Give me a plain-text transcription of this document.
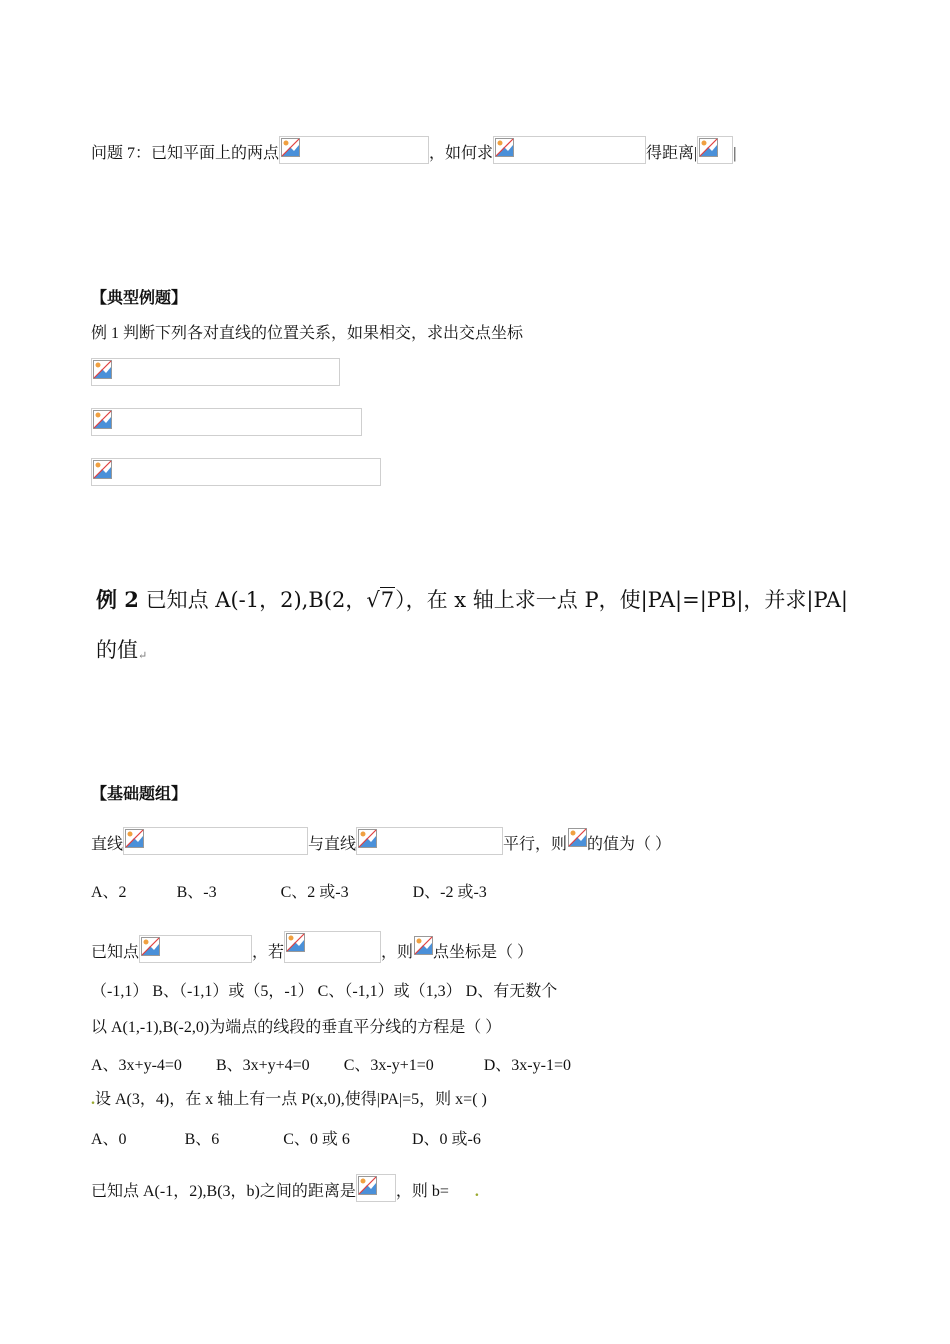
问题 7：已知平面上的两点	，如何求	得距离| |
【典型例题】
例 1 判断下列各对直线的位置关系，如果相交，求出交点坐标
例 2 已知点 A(-1，2),B(2，√7），在 x 轴上求一点 P，使|PA|=|PB|，并求|PA|
的值↵
【基础题组】
直线	与直线	平行，则 的值为（ ）
A、2	B、-3	C、2 或-3	D、-2 或-3
已知点	，若	，则 点坐标是（ ）
（-1,1） B、（-1,1）或（5，-1） C、（-1,1）或（1,3） D、有无数个
以 A(1,-1),B(-2,0)为端点的线段的垂直平分线的方程是（ ）
A、3x+y-4=0 B、3x+y+4=0 C、3x-y+1=0	D、3x-y-1=0
.设 A(3，4)，在 x 轴上有一点 P(x,0),使得|PA|=5，则 x=( )
A、0	B、6	C、0 或 6	D、0 或-6
已知点 A(-1，2),B(3，b)之间的距离是	，则 b= .
